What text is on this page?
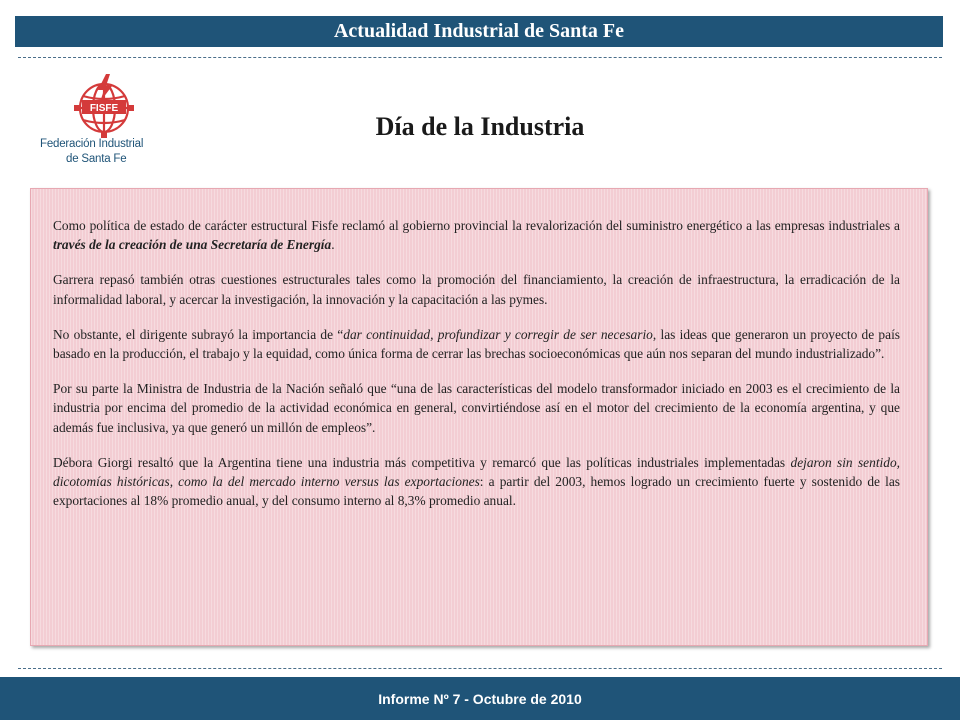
Actualidad Industrial de Santa Fe
FISFE
Federación Industrial
de Santa Fe
Día de la Industria

Como política de estado de carácter estructural Fisfe reclamó al gobierno provincial la revalorización del suministro energético a las empresas industriales a través de la creación de una Secretaría de Energía.

Garrera repasó también otras cuestiones estructurales tales como la promoción del financiamiento, la creación de infraestructura, la erradicación de la informalidad laboral, y acercar la investigación, la innovación y la capacitación a las pymes.

No obstante, el dirigente subrayó la importancia de “dar continuidad, profundizar y corregir de ser necesario, las ideas que generaron un proyecto de país basado en la producción, el trabajo y la equidad, como única forma de cerrar las brechas socioeconómicas que aún nos separan del mundo industrializado”.

Por su parte la Ministra de Industria de la Nación señaló que “una de las características del modelo transformador iniciado en 2003 es el crecimiento de la industria por encima del promedio de la actividad económica en general, convirtiéndose así en el motor del crecimiento de la economía argentina, y que además fue inclusiva, ya que generó un millón de empleos”.

Débora Giorgi resaltó que la Argentina tiene una industria más competitiva y remarcó que las políticas industriales implementadas dejaron sin sentido, dicotomías históricas, como la del mercado interno versus las exportaciones: a partir del 2003, hemos logrado un crecimiento fuerte y sostenido de las exportaciones al 18% promedio anual, y del consumo interno al 8,3% promedio anual.

Informe Nº 7 - Octubre de 2010
